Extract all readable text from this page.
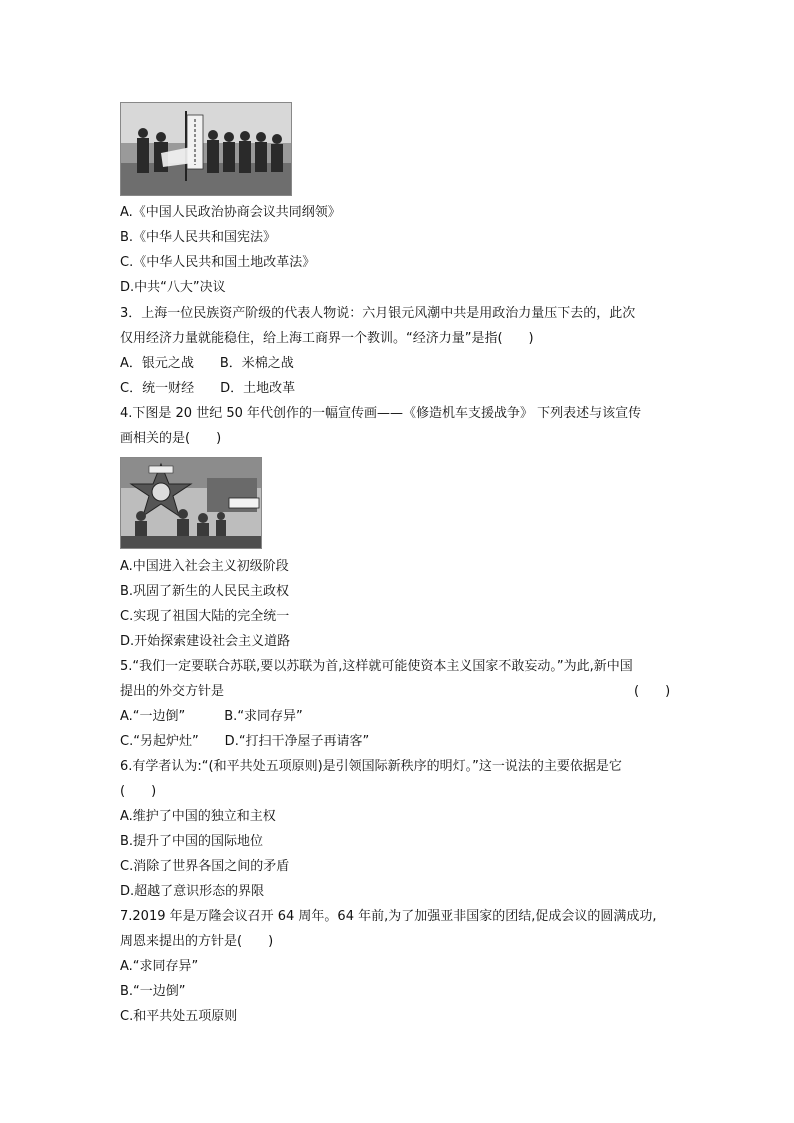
A.《中国人民政治协商会议共同纲领》
B.《中华人民共和国宪法》
C.《中华人民共和国土地改革法》
D.中共“八大”决议
3．上海一位民族资产阶级的代表人物说：六月银元风潮中共是用政治力量压下去的，此次
仅用经济力量就能稳住，给上海工商界一个教训。“经济力量”是指(　　)
A．银元之战　　B．米棉之战
C．统一财经　　D．土地改革
4.下图是 20 世纪 50 年代创作的一幅宣传画——《修造机车支援战争》 下列表述与该宣传
画相关的是(　　)
A.中国进入社会主义初级阶段
B.巩固了新生的人民民主政权
C.实现了祖国大陆的完全统一
D.开始探索建设社会主义道路
5.“我们一定要联合苏联,要以苏联为首,这样就可能使资本主义国家不敢妄动。”为此,新中国
提出的外交方针是	(　　)
A.“一边倒”　　　B.“求同存异”
C.“另起炉灶”　　D.“打扫干净屋子再请客”
6.有学者认为:“(和平共处五项原则)是引领国际新秩序的明灯。”这一说法的主要依据是它
(　　)
A.维护了中国的独立和主权
B.提升了中国的国际地位
C.消除了世界各国之间的矛盾
D.超越了意识形态的界限
7.2019 年是万隆会议召开 64 周年。64 年前,为了加强亚非国家的团结,促成会议的圆满成功,
周恩来提出的方针是(　　)
A.“求同存异”
B.“一边倒”
C.和平共处五项原则
